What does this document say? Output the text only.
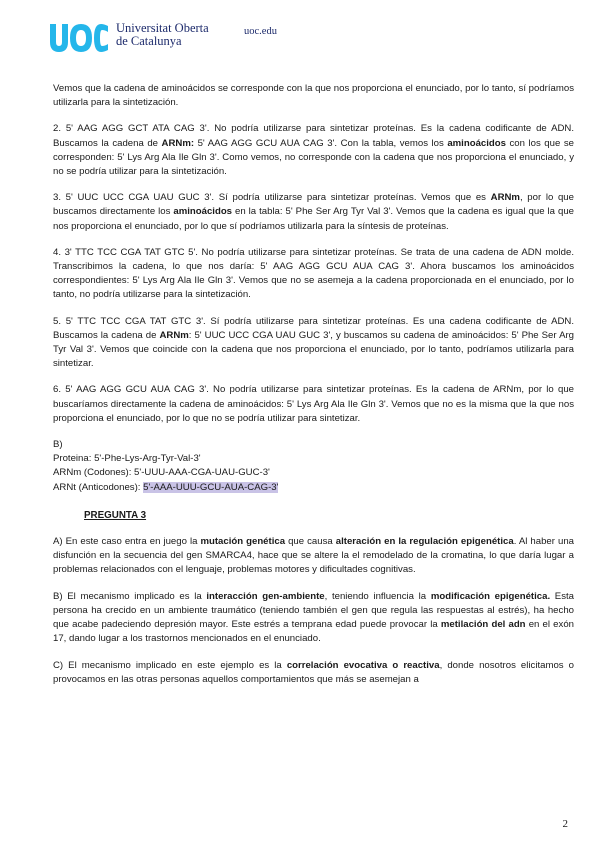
Universitat Oberta
de Catalunya
uoc.edu

Vemos que la cadena de aminoácidos se corresponde con la que nos proporciona el enunciado, por lo tanto, sí podríamos utilizarla para la sintetización.

2. 5' AAG AGG GCT ATA CAG 3'. No podría utilizarse para sintetizar proteínas. Es la cadena codificante de ADN. Buscamos la cadena de ARNm: 5' AAG AGG GCU AUA CAG 3'. Con la tabla, vemos los aminoácidos con los que se corresponden: 5' Lys Arg Ala Ile Gln 3'. Como vemos, no corresponde con la cadena que nos proporciona el enunciado, y no se podría utilizar para la sintetización.

3. 5' UUC UCC CGA UAU GUC 3'. Sí podría utilizarse para sintetizar proteínas. Vemos que es ARNm, por lo que buscamos directamente los aminoácidos en la tabla: 5' Phe Ser Arg Tyr Val 3'. Vemos que la cadena es igual que la que nos proporciona el enunciado, por lo que sí podríamos utilizarla para la síntesis de proteínas.

4. 3' TTC TCC CGA TAT GTC 5'. No podría utilizarse para sintetizar proteínas. Se trata de una cadena de ADN molde. Transcribimos la cadena, lo que nos daría: 5' AAG AGG GCU AUA CAG 3'. Ahora buscamos los aminoácidos correspondientes: 5' Lys Arg Ala Ile Gln 3'. Vemos que no se asemeja a la cadena proporcionada en el enunciado, por lo tanto, no podría utilizarse para la sintetización.

5. 5' TTC TCC CGA TAT GTC 3'. Sí podría utilizarse para sintetizar proteínas. Es una cadena codificante de ADN. Buscamos la cadena de ARNm: 5' UUC UCC CGA UAU GUC 3', y buscamos su cadena de aminoácidos: 5' Phe Ser Arg Tyr Val 3'. Vemos que coincide con la cadena que nos proporciona el enunciado, por lo tanto, podríamos utilizarla para sintetizar.

6. 5' AAG AGG GCU AUA CAG 3'. No podría utilizarse para sintetizar proteínas. Es la cadena de ARNm, por lo que buscaríamos directamente la cadena de aminoácidos: 5' Lys Arg Ala Ile Gln 3'. Vemos que no es la misma que la que nos proporciona el enunciado, por lo que no se podría utilizar para sintetizar.

B)
Proteina: 5'-Phe-Lys-Arg-Tyr-Val-3'
ARNm (Codones): 5'-UUU-AAA-CGA-UAU-GUC-3'
ARNt (Anticodones): 5'-AAA-UUU-GCU-AUA-CAG-3'
PREGUNTA 3

A) En este caso entra en juego la mutación genética que causa alteración en la regulación epigenética. Al haber una disfunción en la secuencia del gen SMARCA4, hace que se altere la el remodelado de la cromatina, lo que daría lugar a problemas relacionados con el lenguaje, problemas motores y dificultades cognitivas.

B) El mecanismo implicado es la interacción gen-ambiente, teniendo influencia la modificación epigenética. Esta persona ha crecido en un ambiente traumático (teniendo también el gen que regula las respuestas al estrés), ha hecho que acabe padeciendo depresión mayor. Este estrés a temprana edad puede provocar la metilación del adn en el exón 17, dando lugar a los trastornos mencionados en el enunciado.

C) El mecanismo implicado en este ejemplo es la correlación evocativa o reactiva, donde nosotros elicitamos o provocamos en las otras personas aquellos comportamientos que más se asemejan a

2
